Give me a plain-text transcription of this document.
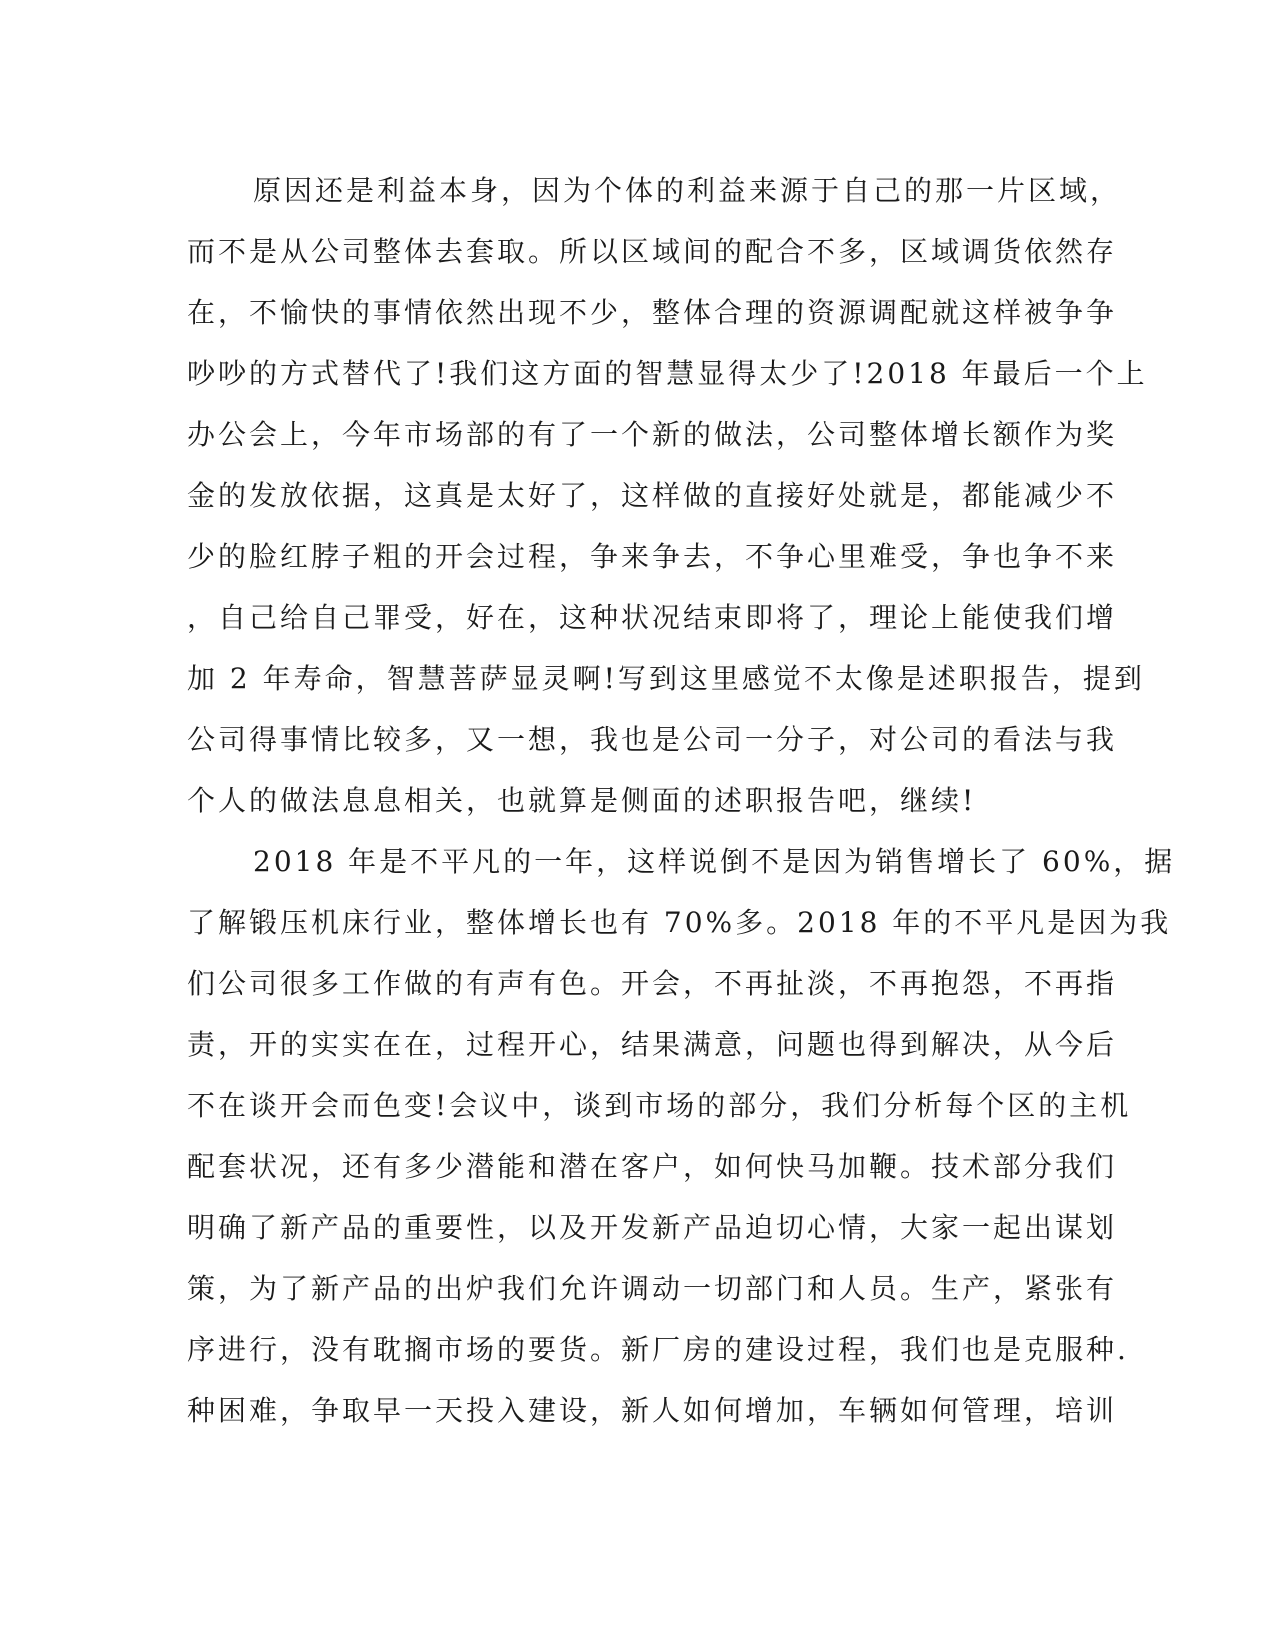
原因还是利益本身，因为个体的利益来源于自己的那一片区域，
而不是从公司整体去套取。所以区域间的配合不多，区域调货依然存
在，不愉快的事情依然出现不少，整体合理的资源调配就这样被争争
吵吵的方式替代了!我们这方面的智慧显得太少了!2018 年最后一个上
办公会上，今年市场部的有了一个新的做法，公司整体增长额作为奖
金的发放依据，这真是太好了，这样做的直接好处就是，都能减少不
少的脸红脖子粗的开会过程，争来争去，不争心里难受，争也争不来
，自己给自己罪受，好在，这种状况结束即将了，理论上能使我们增
加 2 年寿命，智慧菩萨显灵啊!写到这里感觉不太像是述职报告，提到
公司得事情比较多，又一想，我也是公司一分子，对公司的看法与我
个人的做法息息相关，也就算是侧面的述职报告吧，继续!
2018 年是不平凡的一年，这样说倒不是因为销售增长了 60%，据
了解锻压机床行业，整体增长也有 70%多。2018 年的不平凡是因为我
们公司很多工作做的有声有色。开会，不再扯淡，不再抱怨，不再指
责，开的实实在在，过程开心，结果满意，问题也得到解决，从今后
不在谈开会而色变!会议中，谈到市场的部分，我们分析每个区的主机
配套状况，还有多少潜能和潜在客户，如何快马加鞭。技术部分我们
明确了新产品的重要性，以及开发新产品迫切心情，大家一起出谋划
策，为了新产品的出炉我们允许调动一切部门和人员。生产，紧张有
序进行，没有耽搁市场的要货。新厂房的建设过程，我们也是克服种.
种困难，争取早一天投入建设，新人如何增加，车辆如何管理，培训
